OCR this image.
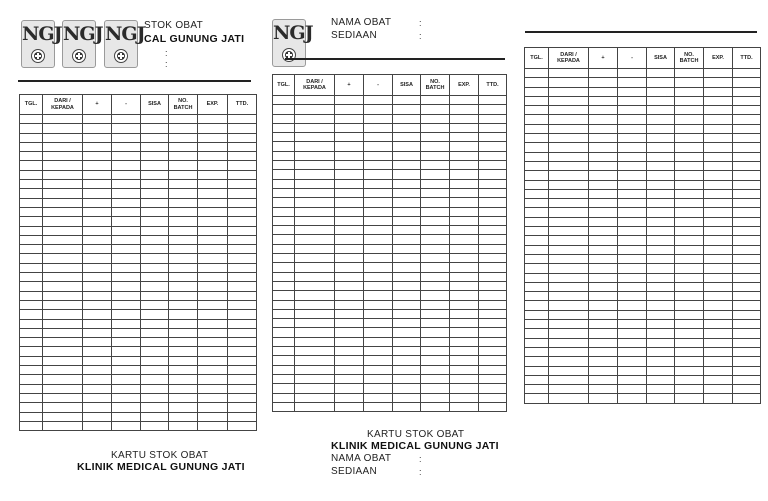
NGJ NGJ NGJ STOK OBAT
CAL GUNUNG JATI
:
:
TGL.	DARI / KEPADA	+	-	SISA	NO. BATCH	EXP.	TTD.

KARTU STOK OBAT
KLINIK MEDICAL GUNUNG JATI
NGJ NAMA OBAT	:
SEDIAAN	:
TGL.	DARI / KEPADA	+	-	SISA	NO. BATCH	EXP.	TTD.

KARTU STOK OBAT
KLINIK MEDICAL GUNUNG JATI
NAMA OBAT	:
SEDIAAN	:
TGL.	DARI / KEPADA	+	-	SISA	NO. BATCH	EXP.	TTD.
